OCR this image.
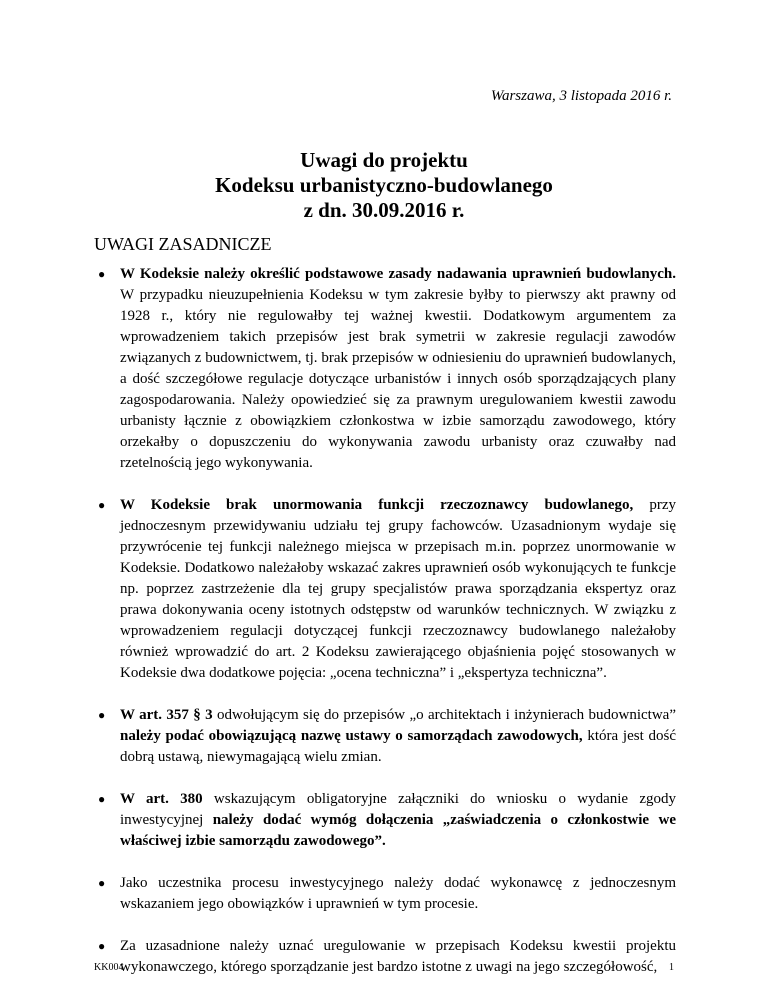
Warszawa, 3 listopada 2016 r.
Uwagi do projektu
Kodeksu urbanistyczno-budowlanego
z dn. 30.09.2016 r.
UWAGI ZASADNICZE
● W Kodeksie należy określić podstawowe zasady nadawania uprawnień budowlanych. W przypadku nieuzupełnienia Kodeksu w tym zakresie byłby to pierwszy akt prawny od 1928 r., który nie regulowałby tej ważnej kwestii. Dodatkowym argumentem za wprowadzeniem takich przepisów jest brak symetrii w zakresie regulacji zawodów związanych z budownictwem, tj. brak przepisów w odniesieniu do uprawnień budowlanych, a dość szczegółowe regulacje dotyczące urbanistów i innych osób sporządzających plany zagospodarowania. Należy opowiedzieć się za prawnym uregulowaniem kwestii zawodu urbanisty łącznie z obowiązkiem członkostwa w izbie samorządu zawodowego, który orzekałby o dopuszczeniu do wykonywania zawodu urbanisty oraz czuwałby nad rzetelnością jego wykonywania.
● W Kodeksie brak unormowania funkcji rzeczoznawcy budowlanego, przy jednoczesnym przewidywaniu udziału tej grupy fachowców. Uzasadnionym wydaje się przywrócenie tej funkcji należnego miejsca w przepisach m.in. poprzez unormowanie w Kodeksie. Dodatkowo należałoby wskazać zakres uprawnień osób wykonujących te funkcje np. poprzez zastrzeżenie dla tej grupy specjalistów prawa sporządzania ekspertyz oraz prawa dokonywania oceny istotnych odstępstw od warunków technicznych. W związku z wprowadzeniem regulacji dotyczącej funkcji rzeczoznawcy budowlanego należałoby również wprowadzić do art. 2 Kodeksu zawierającego objaśnienia pojęć stosowanych w Kodeksie dwa dodatkowe pojęcia: „ocena techniczna” i „ekspertyza techniczna”.
● W art. 357 § 3 odwołującym się do przepisów „o architektach i inżynierach budownictwa” należy podać obowiązującą nazwę ustawy o samorządach zawodowych, która jest dość dobrą ustawą, niewymagającą wielu zmian.
● W art. 380 wskazującym obligatoryjne załączniki do wniosku o wydanie zgody inwestycyjnej należy dodać wymóg dołączenia „zaświadczenia o członkostwie we właściwej izbie samorządu zawodowego”.
● Jako uczestnika procesu inwestycyjnego należy dodać wykonawcę z jednoczesnym wskazaniem jego obowiązków i uprawnień w tym procesie.
● Za uzasadnione należy uznać uregulowanie w przepisach Kodeksu kwestii projektu wykonawczego, którego sporządzanie jest bardzo istotne z uwagi na jego szczegółowość,
KK004	1
